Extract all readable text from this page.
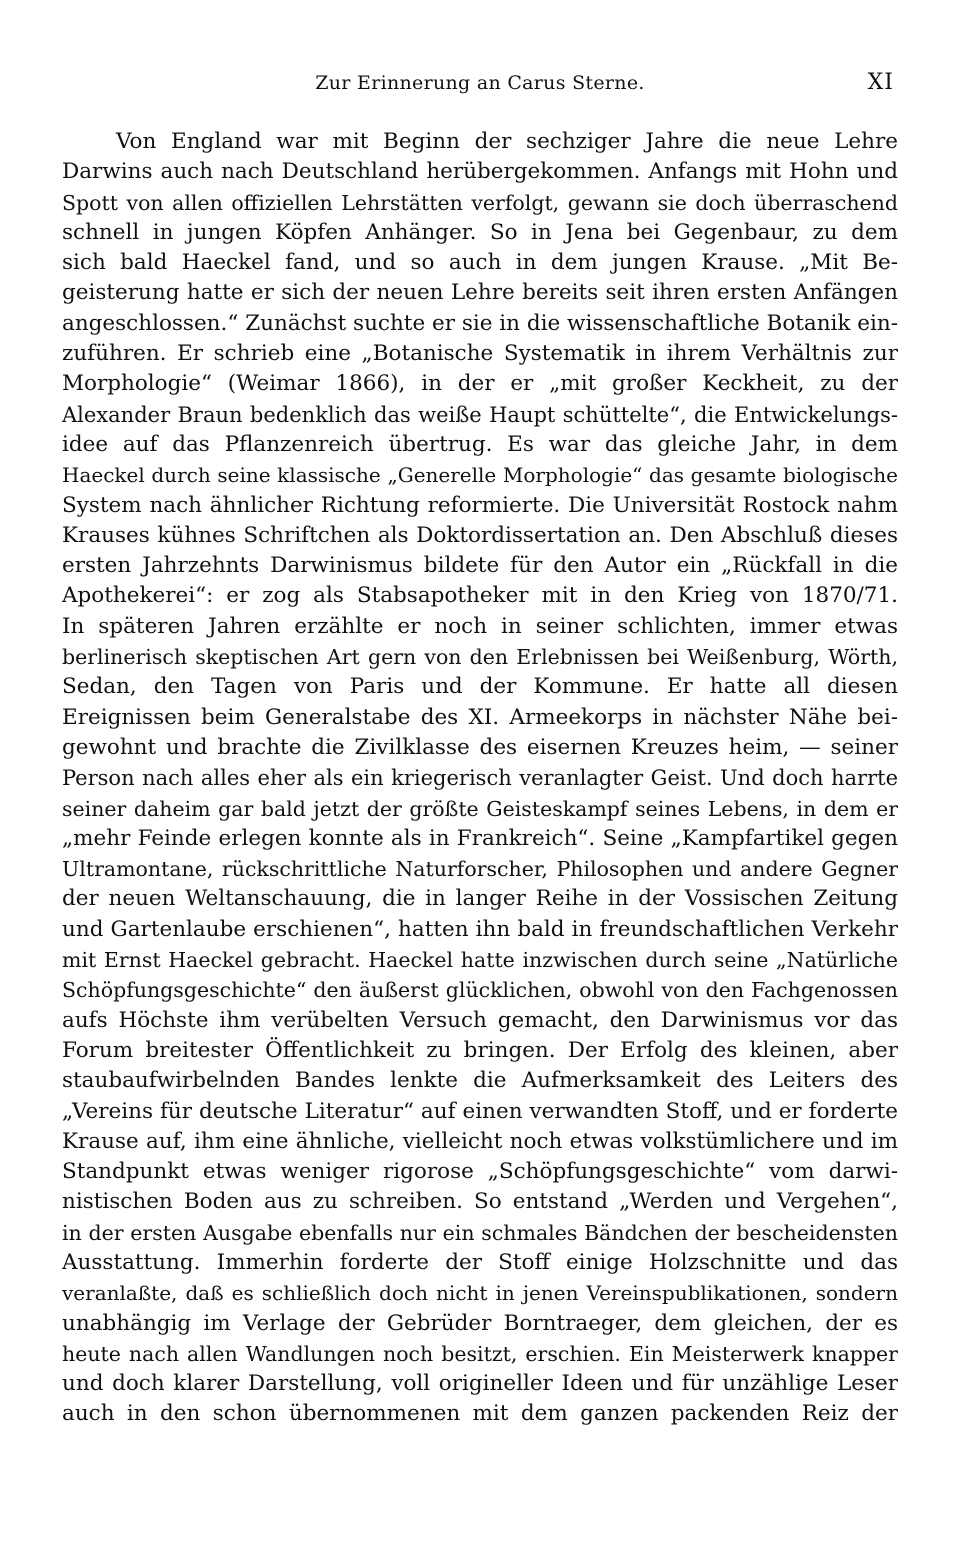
Zur Erinnerung an Carus Sterne.	XI
Von England war mit Beginn der sechziger Jahre die neue Lehre
Darwins auch nach Deutschland herübergekommen. Anfangs mit Hohn und
Spott von allen offiziellen Lehrstätten verfolgt, gewann sie doch überraschend
schnell in jungen Köpfen Anhänger. So in Jena bei Gegenbaur, zu dem
sich bald Haeckel fand, und so auch in dem jungen Krause. „Mit Be-
geisterung hatte er sich der neuen Lehre bereits seit ihren ersten Anfängen
angeschlossen.“ Zunächst suchte er sie in die wissenschaftliche Botanik ein-
zuführen. Er schrieb eine „Botanische Systematik in ihrem Verhältnis zur
Morphologie“ (Weimar 1866), in der er „mit großer Keckheit, zu der
Alexander Braun bedenklich das weiße Haupt schüttelte“, die Entwickelungs-
idee auf das Pflanzenreich übertrug. Es war das gleiche Jahr, in dem
Haeckel durch seine klassische „Generelle Morphologie“ das gesamte biologische
System nach ähnlicher Richtung reformierte. Die Universität Rostock nahm
Krauses kühnes Schriftchen als Doktordissertation an. Den Abschluß dieses
ersten Jahrzehnts Darwinismus bildete für den Autor ein „Rückfall in die
Apothekerei“: er zog als Stabsapotheker mit in den Krieg von 1870/71.
In späteren Jahren erzählte er noch in seiner schlichten, immer etwas
berlinerisch skeptischen Art gern von den Erlebnissen bei Weißenburg, Wörth,
Sedan, den Tagen von Paris und der Kommune. Er hatte all diesen
Ereignissen beim Generalstabe des XI. Armeekorps in nächster Nähe bei-
gewohnt und brachte die Zivilklasse des eisernen Kreuzes heim, — seiner
Person nach alles eher als ein kriegerisch veranlagter Geist. Und doch harrte
seiner daheim gar bald jetzt der größte Geisteskampf seines Lebens, in dem er
„mehr Feinde erlegen konnte als in Frankreich“. Seine „Kampfartikel gegen
Ultramontane, rückschrittliche Naturforscher, Philosophen und andere Gegner
der neuen Weltanschauung, die in langer Reihe in der Vossischen Zeitung
und Gartenlaube erschienen“, hatten ihn bald in freundschaftlichen Verkehr
mit Ernst Haeckel gebracht. Haeckel hatte inzwischen durch seine „Natürliche
Schöpfungsgeschichte“ den äußerst glücklichen, obwohl von den Fachgenossen
aufs Höchste ihm verübelten Versuch gemacht, den Darwinismus vor das
Forum breitester Öffentlichkeit zu bringen. Der Erfolg des kleinen, aber
staubaufwirbelnden Bandes lenkte die Aufmerksamkeit des Leiters des
„Vereins für deutsche Literatur“ auf einen verwandten Stoff, und er forderte
Krause auf, ihm eine ähnliche, vielleicht noch etwas volkstümlichere und im
Standpunkt etwas weniger rigorose „Schöpfungsgeschichte“ vom darwi-
nistischen Boden aus zu schreiben. So entstand „Werden und Vergehen“,
in der ersten Ausgabe ebenfalls nur ein schmales Bändchen der bescheidensten
Ausstattung. Immerhin forderte der Stoff einige Holzschnitte und das
veranlaßte, daß es schließlich doch nicht in jenen Vereinspublikationen, sondern
unabhängig im Verlage der Gebrüder Borntraeger, dem gleichen, der es
heute nach allen Wandlungen noch besitzt, erschien. Ein Meisterwerk knapper
und doch klarer Darstellung, voll origineller Ideen und für unzählige Leser
auch in den schon übernommenen mit dem ganzen packenden Reiz der
